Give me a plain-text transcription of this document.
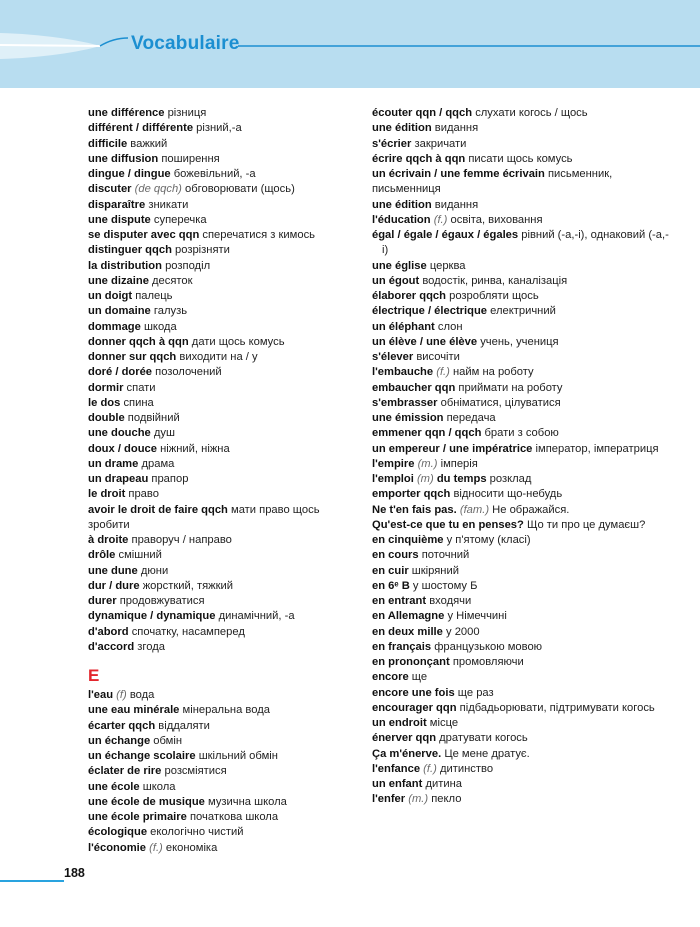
Vocabulaire
une différence різниця
différent / différente різний,-а
difficile важкий
une diffusion поширення
dingue / dingue божевільний, -а
discuter (de qqch) обговорювати (щось)
disparaître зникати
une dispute суперечка
se disputer avec qqn сперечатися з кимось
distinguer qqch розрізняти
la distribution розподіл
une dizaine десяток
un doigt палець
un domaine галузь
dommage шкода
donner qqch à qqn дати щось комусь
donner sur qqch виходити на / у
doré / dorée позолочений
dormir спати
le dos спина
double подвійний
une douche душ
doux / douce ніжний, ніжна
un drame драма
un drapeau прапор
le droit право
avoir le droit de faire qqch мати право щось зробити
à droite праворуч / направо
drôle смішний
une dune дюни
dur / dure жорсткий, тяжкий
durer продовжуватися
dynamique / dynamique динамічний, -а
d'abord спочатку, насамперед
d'accord згода
E
l'eau (f) вода
une eau minérale мінеральна вода
écarter qqch віддаляти
un échange обмін
un échange scolaire шкільний обмін
éclater de rire розсміятися
une école школа
une école de musique музична школа
une école primaire початкова школа
écologique екологічно чистий
l'économie (f.) економіка
écouter qqn / qqch слухати когось / щось
une édition видання
s'écrier закричати
écrire qqch à qqn писати щось комусь
un écrivain / une femme écrivain письменник, письменниця
une édition видання
l'éducation (f.) освіта, виховання
égal / égale / égaux / égales рівний (-а,-і), однаковий (-а,-і)
une église церква
un égout водостік, ринва, каналізація
élaborer qqch розробляти щось
électrique / électrique електричний
un éléphant слон
un élève / une élève учень, учениця
s'élever височіти
l'embauche (f.) найм на роботу
embaucher qqn приймати на роботу
s'embrasser обніматися, цілуватися
une émission передача
emmener qqn / qqch брати з собою
un empereur / une impératrice імператор, імператриця
l'empire (m.) імперія
l'emploi (m) du temps розклад
emporter qqch відносити що-небудь
Ne t'en fais pas. (fam.) Не ображайся.
Qu'est-ce que tu en penses? Що ти про це думаєш?
en cinquième у п'ятому (класі)
en cours поточний
en cuir шкіряний
en 6ᵉ B у шостому Б
en entrant входячи
en Allemagne у Німеччині
en deux mille у 2000
en français французькою мовою
en prononçant промовляючи
encore ще
encore une fois ще раз
encourager qqn підбадьорювати, підтримувати когось
un endroit місце
énerver qqn дратувати когось
Ça m'énerve. Це мене дратує.
l'enfance (f.) дитинство
un enfant дитина
l'enfer (m.) пекло
188
